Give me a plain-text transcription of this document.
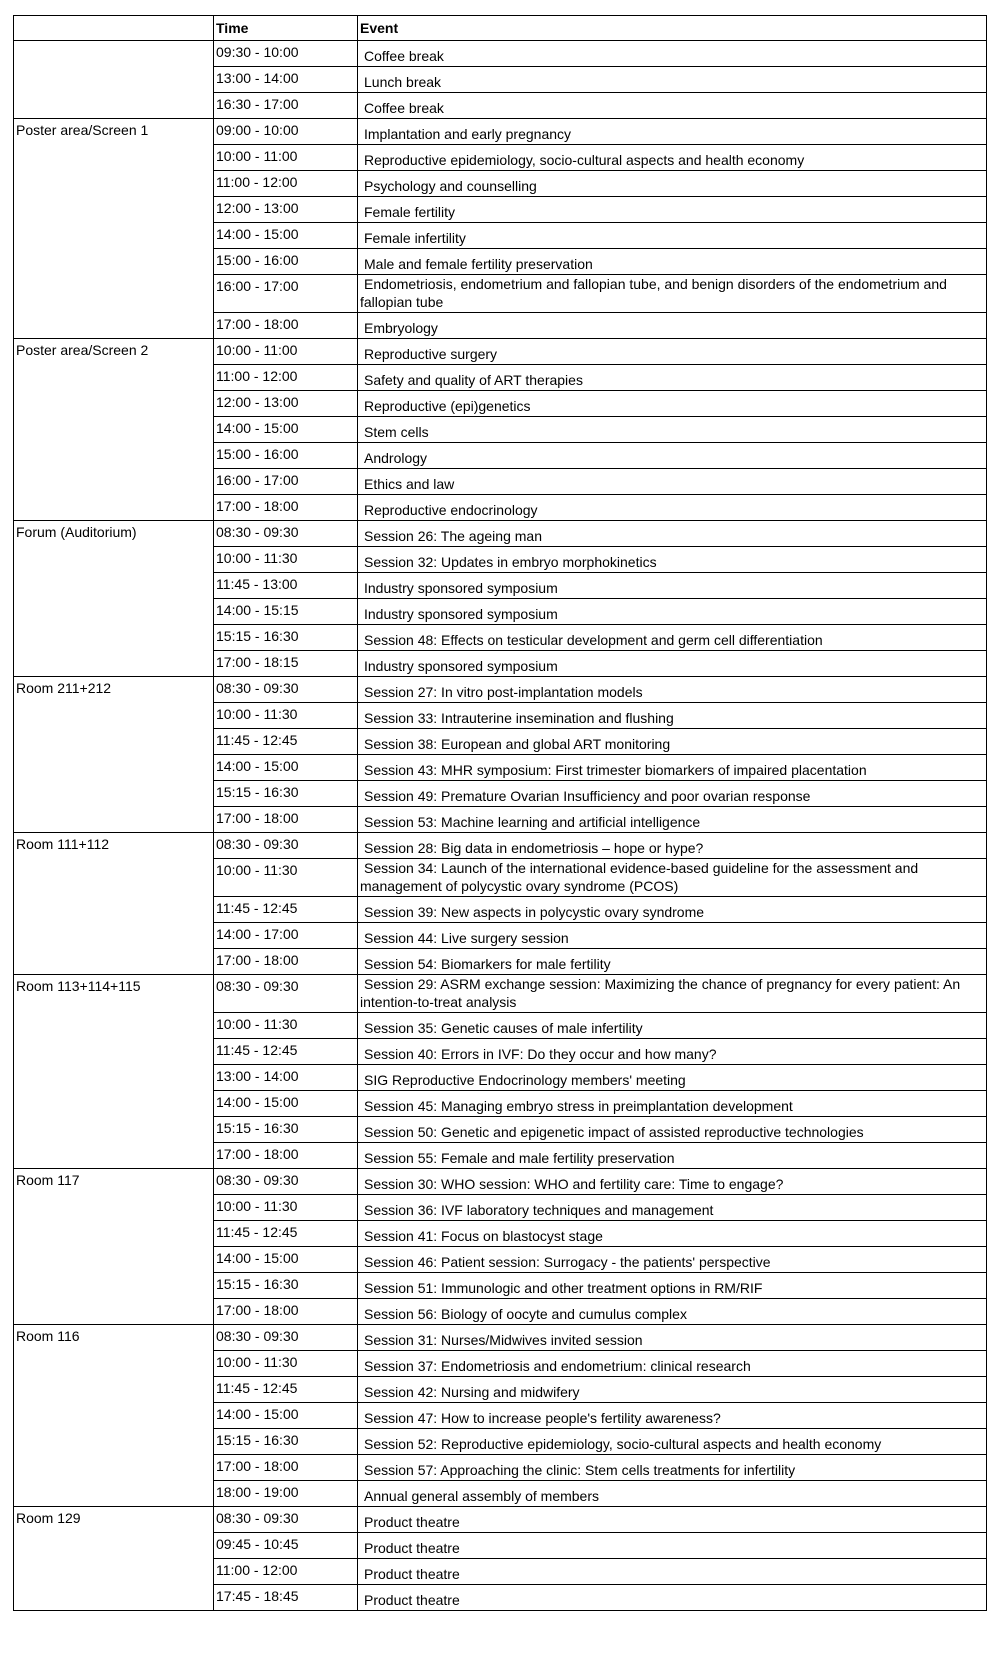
	Time	Event
	09:30 - 10:00	Coffee break
	13:00 - 14:00	Lunch break
	16:30 - 17:00	Coffee break
Poster area/Screen 1	09:00 - 10:00	Implantation and early pregnancy
	10:00 - 11:00	Reproductive epidemiology, socio-cultural aspects and health economy
	11:00 - 12:00	Psychology and counselling
	12:00 - 13:00	Female fertility
	14:00 - 15:00	Female infertility
	15:00 - 16:00	Male and female fertility preservation
	16:00 - 17:00	Endometriosis, endometrium and fallopian tube, and benign disorders of the endometrium and fallopian tube
	17:00 - 18:00	Embryology
Poster area/Screen 2	10:00 - 11:00	Reproductive surgery
	11:00 - 12:00	Safety and quality of ART therapies
	12:00 - 13:00	Reproductive (epi)genetics
	14:00 - 15:00	Stem cells
	15:00 - 16:00	Andrology
	16:00 - 17:00	Ethics and law
	17:00 - 18:00	Reproductive endocrinology
Forum (Auditorium)	08:30 - 09:30	Session 26: The ageing man
	10:00 - 11:30	Session 32: Updates in embryo morphokinetics
	11:45 - 13:00	Industry sponsored symposium
	14:00 - 15:15	Industry sponsored symposium
	15:15 - 16:30	Session 48: Effects on testicular development and germ cell differentiation
	17:00 - 18:15	Industry sponsored symposium
Room 211+212	08:30 - 09:30	Session 27: In vitro post-implantation models
	10:00 - 11:30	Session 33: Intrauterine insemination and flushing
	11:45 - 12:45	Session 38: European and global ART monitoring
	14:00 - 15:00	Session 43: MHR symposium: First trimester biomarkers of impaired placentation
	15:15 - 16:30	Session 49: Premature Ovarian Insufficiency and poor ovarian response
	17:00 - 18:00	Session 53: Machine learning and artificial intelligence
Room 111+112	08:30 - 09:30	Session 28: Big data in endometriosis – hope or hype?
	10:00 - 11:30	Session 34: Launch of the international evidence-based guideline for the assessment and management of polycystic ovary syndrome (PCOS)
	11:45 - 12:45	Session 39: New aspects in polycystic ovary syndrome
	14:00 - 17:00	Session 44: Live surgery session
	17:00 - 18:00	Session 54: Biomarkers for male fertility
Room 113+114+115	08:30 - 09:30	Session 29: ASRM exchange session: Maximizing the chance of pregnancy for every patient: An intention-to-treat analysis
	10:00 - 11:30	Session 35: Genetic causes of male infertility
	11:45 - 12:45	Session 40: Errors in IVF: Do they occur and how many?
	13:00 - 14:00	SIG Reproductive Endocrinology members' meeting
	14:00 - 15:00	Session 45: Managing embryo stress in preimplantation development
	15:15 - 16:30	Session 50: Genetic and epigenetic impact of assisted reproductive technologies
	17:00 - 18:00	Session 55: Female and male fertility preservation
Room 117	08:30 - 09:30	Session 30: WHO session: WHO and fertility care: Time to engage?
	10:00 - 11:30	Session 36: IVF laboratory techniques and management
	11:45 - 12:45	Session 41: Focus on blastocyst stage
	14:00 - 15:00	Session 46: Patient session: Surrogacy - the patients' perspective
	15:15 - 16:30	Session 51: Immunologic and other treatment options in RM/RIF
	17:00 - 18:00	Session 56: Biology of oocyte and cumulus complex
Room 116	08:30 - 09:30	Session 31: Nurses/Midwives invited session
	10:00 - 11:30	Session 37: Endometriosis and endometrium: clinical research
	11:45 - 12:45	Session 42: Nursing and midwifery
	14:00 - 15:00	Session 47: How to increase people's fertility awareness?
	15:15 - 16:30	Session 52: Reproductive epidemiology, socio-cultural aspects and health economy
	17:00 - 18:00	Session 57: Approaching the clinic: Stem cells treatments for infertility
	18:00 - 19:00	Annual general assembly of members
Room 129	08:30 - 09:30	Product theatre
	09:45 - 10:45	Product theatre
	11:00 - 12:00	Product theatre
	17:45 - 18:45	Product theatre
